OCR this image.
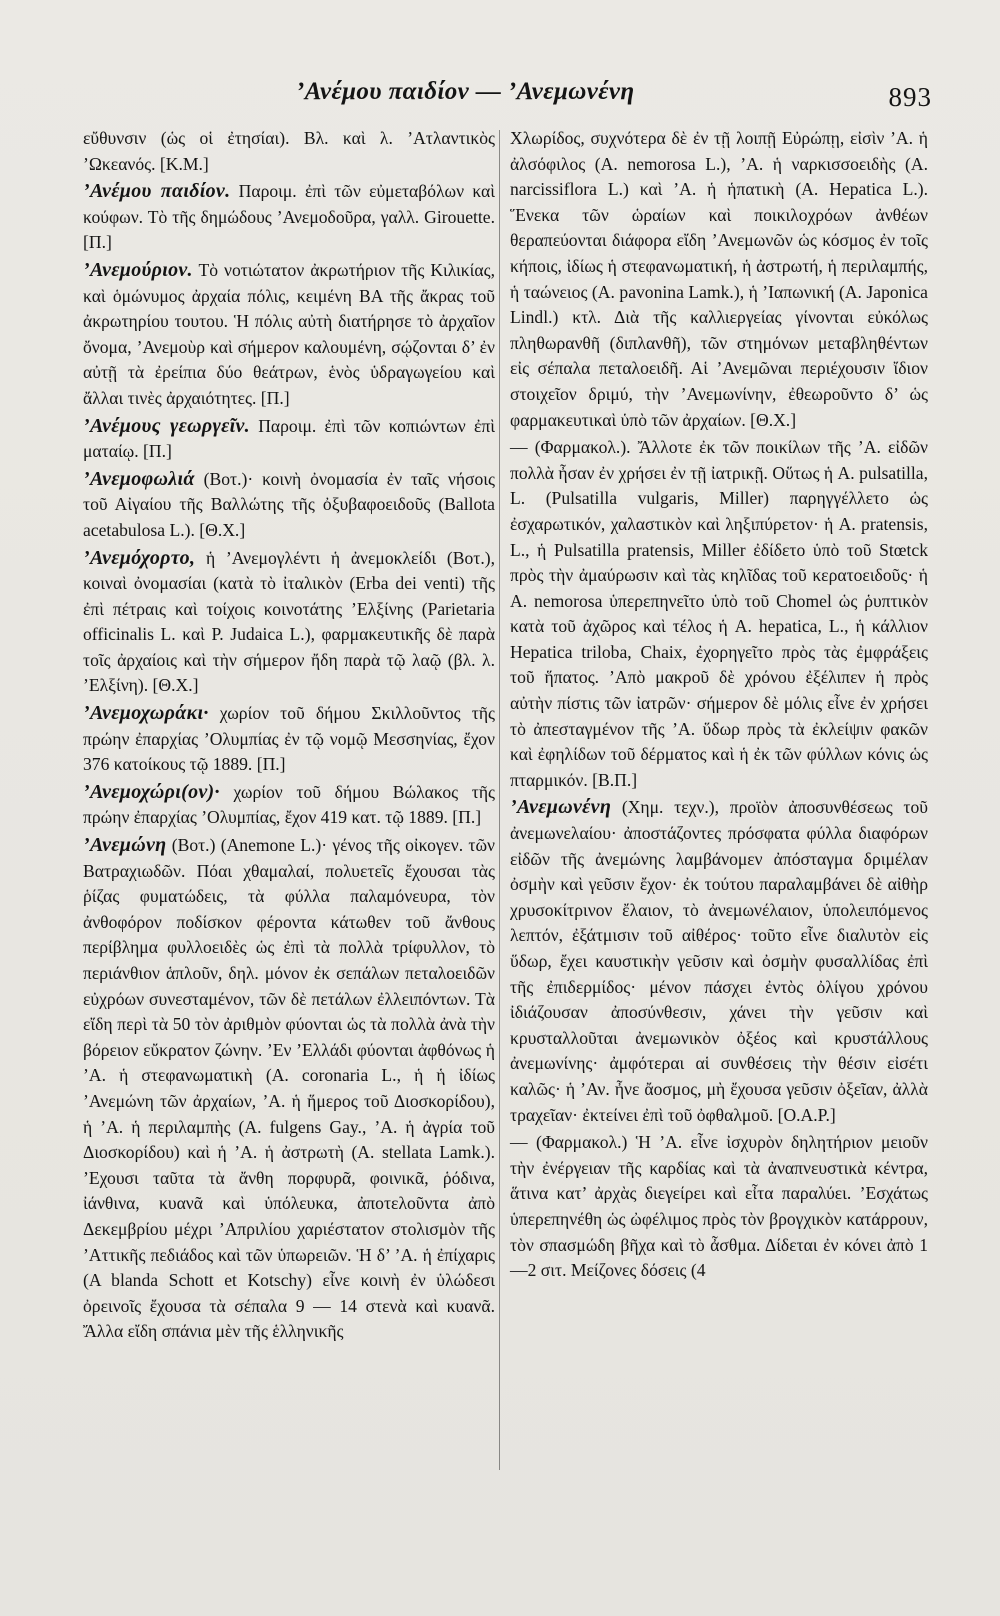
’Ανέμου παιδίον — ’Ανεμωνένη	893

εὔθυνσιν (ὡς οἱ ἐτησίαι). Βλ. καὶ λ. ’Ατλαντικὸς ’Ωκεανός. [Κ.Μ.]

’Ανέμου παιδίον. Παροιμ. ἐπὶ τῶν εὐμεταβόλων καὶ κούφων. Τὸ τῆς δημώδους ’Ανεμοδοῦρα, γαλλ. Girouette. [Π.]

’Ανεμούριον. Τὸ νοτιώτατον ἀκρωτήριον τῆς Κιλικίας, καὶ ὁμώνυμος ἀρχαία πόλις, κειμένη ΒΑ τῆς ἄκρας τοῦ ἀκρωτηρίου τουτου. Ἡ πόλις αὐτὴ διατήρησε τὸ ἀρχαῖον ὄνομα, ’Ανεμοὺρ καὶ σήμερον καλουμένη, σῴζονται δ’ ἐν αὐτῇ τὰ ἐρείπια δύο θεάτρων, ἑνὸς ὑδραγωγείου καὶ ἄλλαι τινὲς ἀρχαιότητες. [Π.]

’Ανέμους γεωργεῖν. Παροιμ. ἐπὶ τῶν κοπιώντων ἐπὶ ματαίῳ. [Π.]

’Ανεμοφωλιά (Βοτ.)· κοινὴ ὀνομασία ἐν ταῖς νήσοις τοῦ Αἰγαίου τῆς Βαλλώτης τῆς ὀξυβαφοειδοῦς (Ballota acetabulosa L.). [Θ.Χ.]

’Ανεμόχορτο, ἡ ’Ανεμογλέντι ἡ ἀνεμοκλείδι (Βοτ.), κοιναὶ ὀνομασίαι (κατὰ τὸ ἰταλικὸν (Erba dei venti) τῆς ἐπὶ πέτραις καὶ τοίχοις κοινοτάτης ’Ελξίνης (Parietaria officinalis L. καὶ P. Judaica L.), φαρμακευτικῆς δὲ παρὰ τοῖς ἀρχαίοις καὶ τὴν σήμερον ἤδη παρὰ τῷ λαῷ (βλ. λ. ’Ελξίνη). [Θ.Χ.]

’Ανεμοχωράκι· χωρίον τοῦ δήμου Σκιλλοῦντος τῆς πρώην ἐπαρχίας ’Ολυμπίας ἐν τῷ νομῷ Μεσσηνίας, ἔχον 376 κατοίκους τῷ 1889. [Π.]

’Ανεμοχώρι(ον)· χωρίον τοῦ δήμου Βώλακος τῆς πρώην ἐπαρχίας ’Ολυμπίας, ἔχον 419 κατ. τῷ 1889. [Π.]

’Ανεμώνη (Βοτ.) (Anemone L.)· γένος τῆς οἰκογεν. τῶν Βατραχιωδῶν. Πόαι χθαμαλαί, πολυετεῖς ἔχουσαι τὰς ῥίζας φυματώδεις, τὰ φύλλα παλαμόνευρα, τὸν ἀνθοφόρον ποδίσκον φέροντα κάτωθεν τοῦ ἄνθους περίβλημα φυλλοειδὲς ὡς ἐπὶ τὰ πολλὰ τρίφυλλον, τὸ περιάνθιον ἁπλοῦν, δηλ. μόνον ἐκ σεπάλων πεταλοειδῶν εὐχρόων συνεσταμένον, τῶν δὲ πετάλων ἐλλειπόντων. Τὰ εἴδη περὶ τὰ 50 τὸν ἀριθμὸν φύονται ὡς τὰ πολλὰ ἀνὰ τὴν βόρειον εὔκρατον ζώνην. ’Εν ’Ελλάδι φύονται ἀφθόνως ἡ ’Α. ἡ στεφανωματικὴ (A. coronaria L., ἡ ἡ ἰδίως ’Ανεμώνη τῶν ἀρχαίων, ’Α. ἡ ἥμερος τοῦ Διοσκορίδου), ἡ ’Α. ἡ περιλαμπὴς (A. fulgens Gay., ’Α. ἡ ἀγρία τοῦ Διοσκορίδου) καὶ ἡ ’Α. ἡ ἀστρωτὴ (A. stellata Lamk.). ’Εχουσι ταῦτα τὰ ἄνθη πορφυρᾶ, φοινικᾶ, ῥόδινα, ἰάνθινα, κυανᾶ καὶ ὑπόλευκα, ἀποτελοῦντα ἀπὸ Δεκεμβρίου μέχρι ’Απριλίου χαριέστατον στολισμὸν τῆς ’Αττικῆς πεδιάδος καὶ τῶν ὑπωρειῶν. Ἡ δ’ ’Α. ἡ ἐπίχαρις (A blanda Schott et Kotschy) εἶνε κοινὴ ἐν ὑλώδεσι ὀρεινοῖς ἔχουσα τὰ σέπαλα 9 — 14 στενὰ καὶ κυανᾶ. Ἄλλα εἴδη σπάνια μὲν τῆς ἑλληνικῆς

Χλωρίδος, συχνότερα δὲ ἐν τῇ λοιπῇ Εὐρώπῃ, εἰσὶν ’Α. ἡ ἀλσόφιλος (A. nemorosa L.), ’Α. ἡ ναρκισσοειδὴς (A. narcissiflora L.) καὶ ’Α. ἡ ἡπατικὴ (A. Hepatica L.). Ἕνεκα τῶν ὡραίων καὶ ποικιλοχρόων ἀνθέων θεραπεύονται διάφορα εἴδη ’Ανεμωνῶν ὡς κόσμος ἐν τοῖς κήποις, ἰδίως ἡ στεφανωματική, ἡ ἀστρωτή, ἡ περιλαμπής, ἡ ταώνειος (A. pavonina Lamk.), ἡ ’Ιαπωνική (A. Japonica Lindl.) κτλ. Διὰ τῆς καλλιεργείας γίνονται εὐκόλως πληθωρανθῆ (διπλανθῆ), τῶν στημόνων μεταβληθέντων εἰς σέπαλα πεταλοειδῆ. Αἱ ’Ανεμῶναι περιέχουσιν ἴδιον στοιχεῖον δριμύ, τὴν ’Ανεμωνίνην, ἐθεωροῦντο δ’ ὡς φαρμακευτικαὶ ὑπὸ τῶν ἀρχαίων. [Θ.Χ.]

— (Φαρμακολ.). Ἄλλοτε ἐκ τῶν ποικίλων τῆς ’Α. εἰδῶν πολλὰ ἦσαν ἐν χρήσει ἐν τῇ ἰατρικῇ. Οὕτως ἡ A. pulsatilla, L. (Pulsatilla vulgaris, Miller) παρηγγέλλετο ὡς ἐσχαρωτικόν, χαλαστικὸν καὶ ληξιπύρετον· ἡ A. pratensis, L., ἡ Pulsatilla pratensis, Miller ἐδίδετο ὑπὸ τοῦ Stœtck πρὸς τὴν ἀμαύρωσιν καὶ τὰς κηλῖδας τοῦ κερατοειδοῦς· ἡ A. nemorosa ὑπερεπηνεῖτο ὑπὸ τοῦ Chomel ὡς ῥυπτικὸν κατὰ τοῦ ἀχῶρος καὶ τέλος ἡ A. hepatica, L., ἡ κάλλιον Hepatica triloba, Chaix, ἐχορηγεῖτο πρὸς τὰς ἐμφράξεις τοῦ ἥπατος. ’Απὸ μακροῦ δὲ χρόνου ἐξέλιπεν ἡ πρὸς αὐτὴν πίστις τῶν ἰατρῶν· σήμερον δὲ μόλις εἶνε ἐν χρήσει τὸ ἀπεσταγμένον τῆς ’Α. ὕδωρ πρὸς τὰ ἐκλείψιν φακῶν καὶ ἐφηλίδων τοῦ δέρματος καὶ ἡ ἐκ τῶν φύλλων κόνις ὡς πταρμικόν. [Β.Π.]

’Ανεμωνένη (Χημ. τεχν.), προϊὸν ἀποσυνθέσεως τοῦ ἀνεμωνελαίου· ἀποστάζοντες πρόσφατα φύλλα διαφόρων εἰδῶν τῆς ἀνεμώνης λαμβάνομεν ἀπόσταγμα δριμέλαν ὀσμὴν καὶ γεῦσιν ἔχον· ἐκ τούτου παραλαμβάνει δὲ αἰθὴρ χρυσοκίτρινον ἔλαιον, τὸ ἀνεμωνέλαιον, ὑπολειπόμενος λεπτόν, ἐξάτμισιν τοῦ αἰθέρος· τοῦτο εἶνε διαλυτὸν εἰς ὕδωρ, ἔχει καυστικὴν γεῦσιν καὶ ὀσμὴν φυσαλλίδας ἐπὶ τῆς ἐπιδερμίδος· μένον πάσχει ἐντὸς ὀλίγου χρόνου ἰδιάζουσαν ἀποσύνθεσιν, χάνει τὴν γεῦσιν καὶ κρυσταλλοῦται ἀνεμωνικὸν ὀξέος καὶ κρυστάλλους ἀνεμωνίνης· ἀμφότεραι αἱ συνθέσεις τὴν θέσιν εἰσέτι καλῶς· ἡ ’Αν. ἦνε ἄοσμος, μὴ ἔχουσα γεῦσιν ὀξεῖαν, ἀλλὰ τραχεῖαν· ἐκτείνει ἐπὶ τοῦ ὀφθαλμοῦ. [Ο.Α.Ρ.]

— (Φαρμακολ.) Ἡ ’Α. εἶνε ἰσχυρὸν δηλητήριον μειοῦν τὴν ἐνέργειαν τῆς καρδίας καὶ τὰ ἀναπνευστικὰ κέντρα, ἅτινα κατ’ ἀρχὰς διεγείρει καὶ εἶτα παραλύει. ’Εσχάτως ὑπερεπηνέθη ὡς ὠφέλιμος πρὸς τὸν βρογχικὸν κατάρρουν, τὸν σπασμώδη βῆχα καὶ τὸ ἆσθμα. Δίδεται ἐν κόνει ἀπὸ 1—2 σιτ. Μείζονες δόσεις (4
